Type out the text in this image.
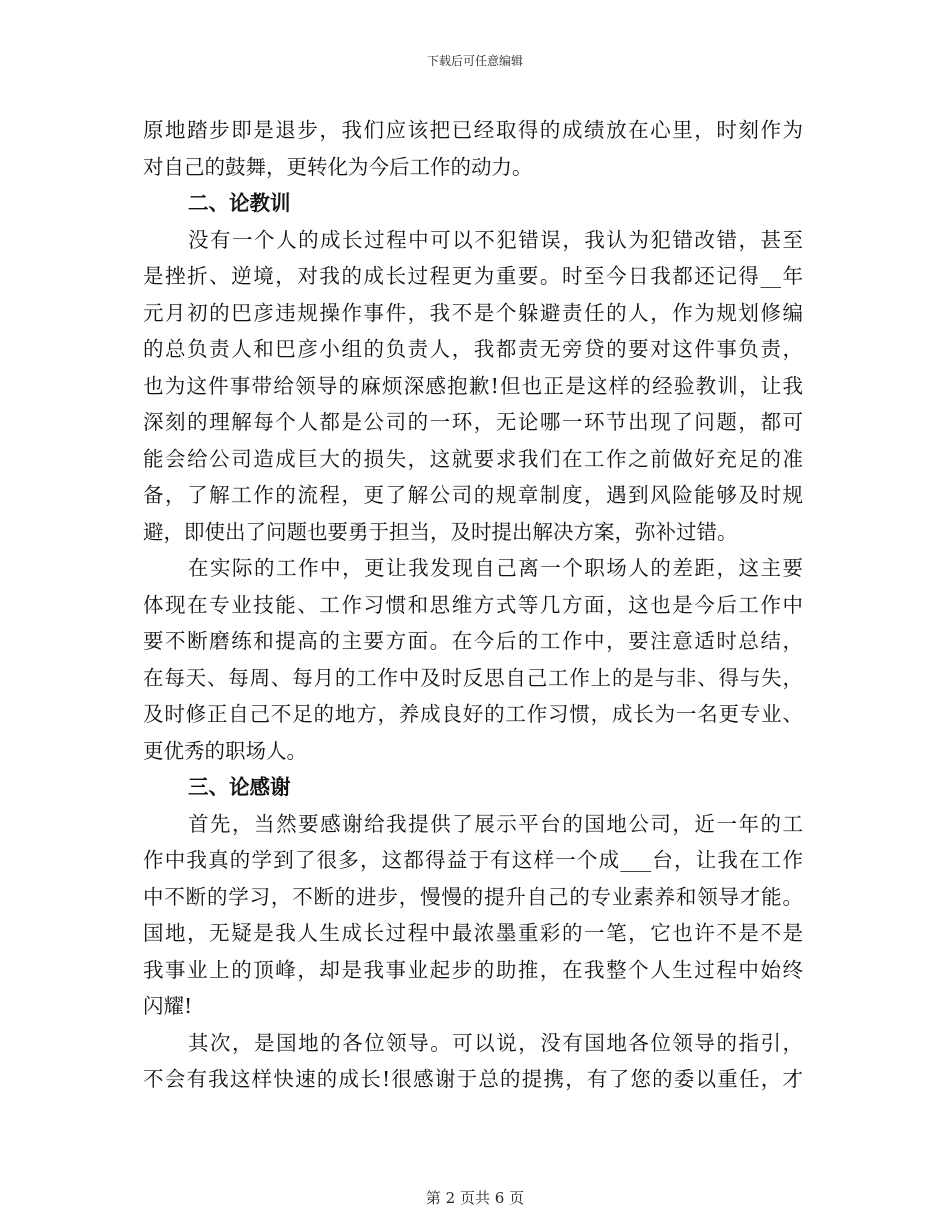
下载后可任意编辑
原地踏步即是退步，我们应该把已经取得的成绩放在心里，时刻作为
对自己的鼓舞，更转化为今后工作的动力。
二、论教训
没有一个人的成长过程中可以不犯错误，我认为犯错改错，甚至
是挫折、逆境，对我的成长过程更为重要。时至今日我都还记得__年
元月初的巴彦违规操作事件，我不是个躲避责任的人，作为规划修编
的总负责人和巴彦小组的负责人，我都责无旁贷的要对这件事负责，
也为这件事带给领导的麻烦深感抱歉!但也正是这样的经验教训，让我
深刻的理解每个人都是公司的一环，无论哪一环节出现了问题，都可
能会给公司造成巨大的损失，这就要求我们在工作之前做好充足的准
备，了解工作的流程，更了解公司的规章制度，遇到风险能够及时规
避，即使出了问题也要勇于担当，及时提出解决方案，弥补过错。
在实际的工作中，更让我发现自己离一个职场人的差距，这主要
体现在专业技能、工作习惯和思维方式等几方面，这也是今后工作中
要不断磨练和提高的主要方面。在今后的工作中，要注意适时总结，
在每天、每周、每月的工作中及时反思自己工作上的是与非、得与失，
及时修正自己不足的地方，养成良好的工作习惯，成长为一名更专业、
更优秀的职场人。
三、论感谢
首先，当然要感谢给我提供了展示平台的国地公司，近一年的工
作中我真的学到了很多，这都得益于有这样一个成___台，让我在工作
中不断的学习，不断的进步，慢慢的提升自己的专业素养和领导才能。
国地，无疑是我人生成长过程中最浓墨重彩的一笔，它也许不是不是
我事业上的顶峰，却是我事业起步的助推，在我整个人生过程中始终
闪耀!
其次，是国地的各位领导。可以说，没有国地各位领导的指引，
不会有我这样快速的成长!很感谢于总的提携，有了您的委以重任，才
第 2 页共 6 页
